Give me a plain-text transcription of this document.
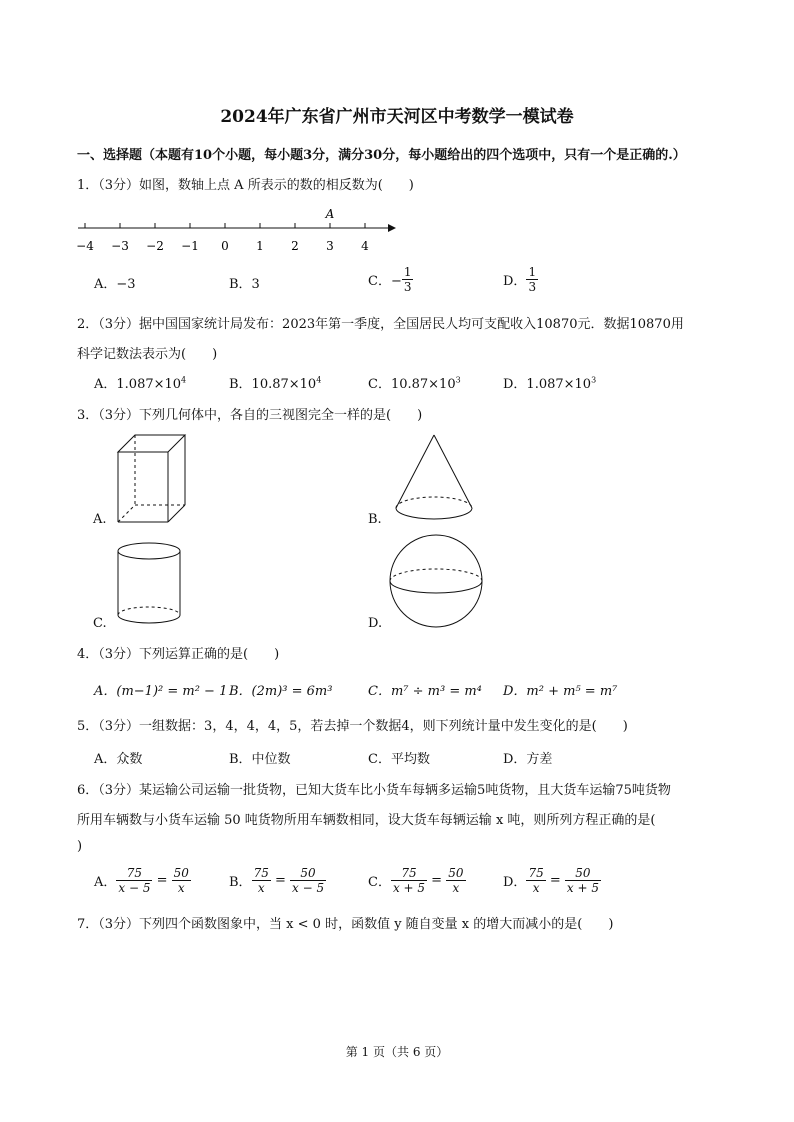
2024年广东省广州市天河区中考数学一模试卷
一、选择题（本题有10个小题，每小题3分，满分30分，每小题给出的四个选项中，只有一个是正确的.）
1．（3分）如图，数轴上点 A 所表示的数的相反数为(　　)
A
−4 −3 −2 −1 0 1 2 3 4
A．−3	B．3	C．− $\frac{1}{3}$	D． $\frac{1}{3}$
2．（3分）据中国国家统计局发布：2023年第一季度，全国居民人均可支配收入10870元．数据10870用
科学记数法表示为(　　)
A．$1.087\times 10^4$	B．$10.87\times 10^4$	C．$10.87\times 10^3$	D．$1.087\times 10^3$
3．（3分）下列几何体中，各自的三视图完全一样的是(　　)
A.	B.
C.	D.
4．（3分）下列运算正确的是(　　)
A．(m−1)² = m² − 1 B．(2m)³ = 6m³	C．m⁷ ÷ m³ = m⁴ D．m² + m⁵ = m⁷
5．（3分）一组数据：3，4，4，4，5，若去掉一个数据4，则下列统计量中发生变化的是(　　)
A．众数	B．中位数	C．平均数	D．方差
6．（3分）某运输公司运输一批货物，已知大货车比小货车每辆多运输5吨货物，且大货车运输75吨货物
所用车辆数与小货车运输 50 吨货物所用车辆数相同，设大货车每辆运输 x 吨，则所列方程正确的是(
)
A． $\frac{75}{x - 5} = \frac{50}{x}$	B． $\frac{75}{x} = \frac{50}{x - 5}$	C． $\frac{75}{x + 5} = \frac{50}{x}$	D． $\frac{75}{x} = \frac{50}{x + 5}$
7．（3分）下列四个函数图象中，当 x < 0 时，函数值 y 随自变量 x 的增大而减小的是(　　)
第 1 页（共 6 页）
